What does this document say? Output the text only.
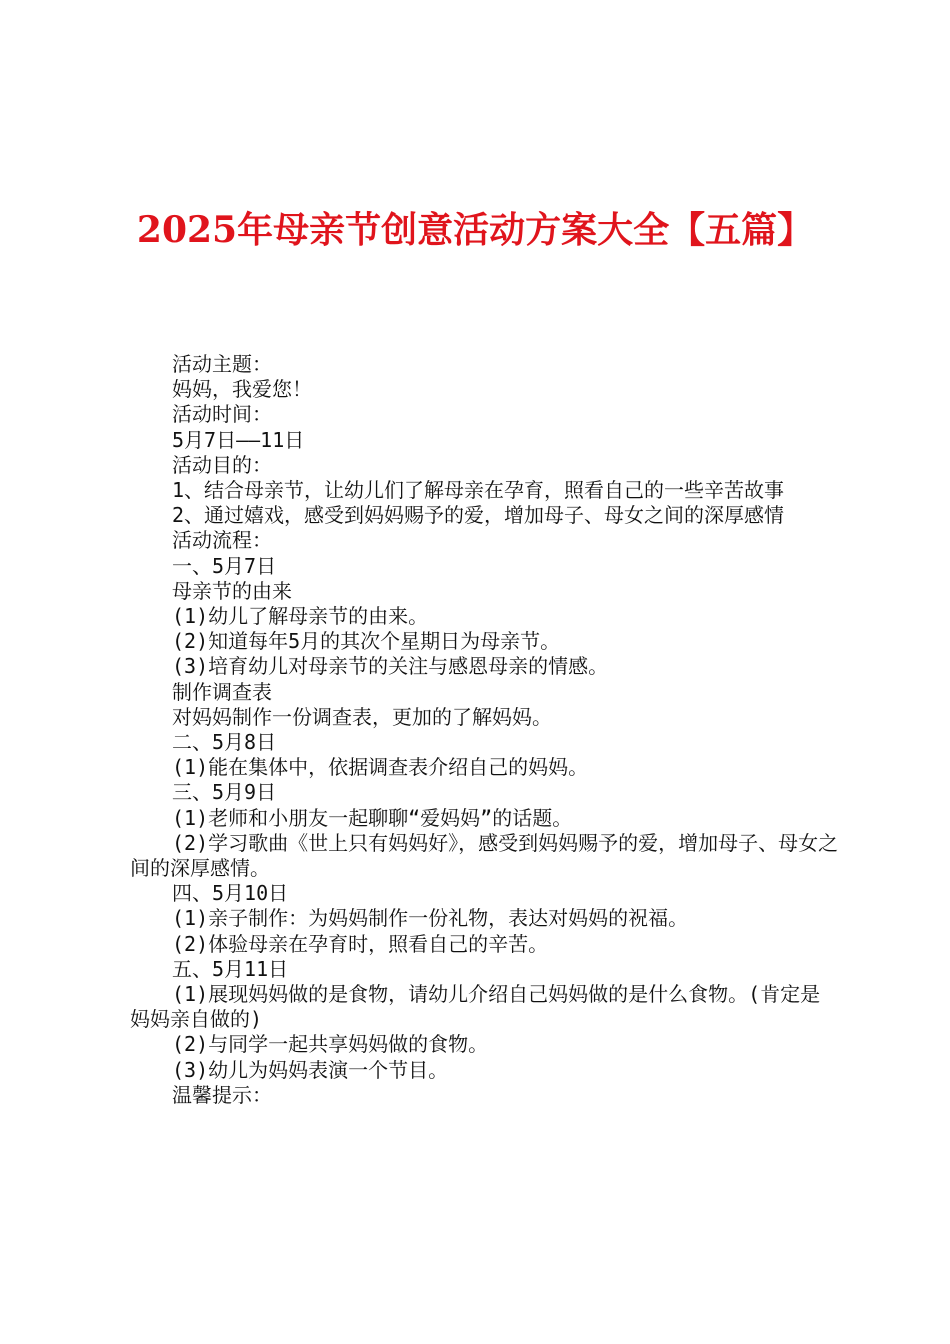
2025年母亲节创意活动方案大全【五篇】

活动主题：

妈妈，我爱您！

活动时间：

5月7日——11日

活动目的：

1、结合母亲节，让幼儿们了解母亲在孕育，照看自己的一些辛苦故事

2、通过嬉戏，感受到妈妈赐予的爱，增加母子、母女之间的深厚感情

活动流程：

一、5月7日

母亲节的由来

(1)幼儿了解母亲节的由来。

(2)知道每年5月的其次个星期日为母亲节。

(3)培育幼儿对母亲节的关注与感恩母亲的情感。

制作调查表

对妈妈制作一份调查表，更加的了解妈妈。

二、5月8日

(1)能在集体中，依据调查表介绍自己的妈妈。

三、5月9日

(1)老师和小朋友一起聊聊“爱妈妈”的话题。

(2)学习歌曲《世上只有妈妈好》，感受到妈妈赐予的爱，增加母子、母女之间的深厚感情。

四、5月10日

(1)亲子制作：为妈妈制作一份礼物，表达对妈妈的祝福。

(2)体验母亲在孕育时，照看自己的辛苦。

五、5月11日

(1)展现妈妈做的是食物，请幼儿介绍自己妈妈做的是什么食物。(肯定是妈妈亲自做的)

(2)与同学一起共享妈妈做的食物。

(3)幼儿为妈妈表演一个节目。

温馨提示：
